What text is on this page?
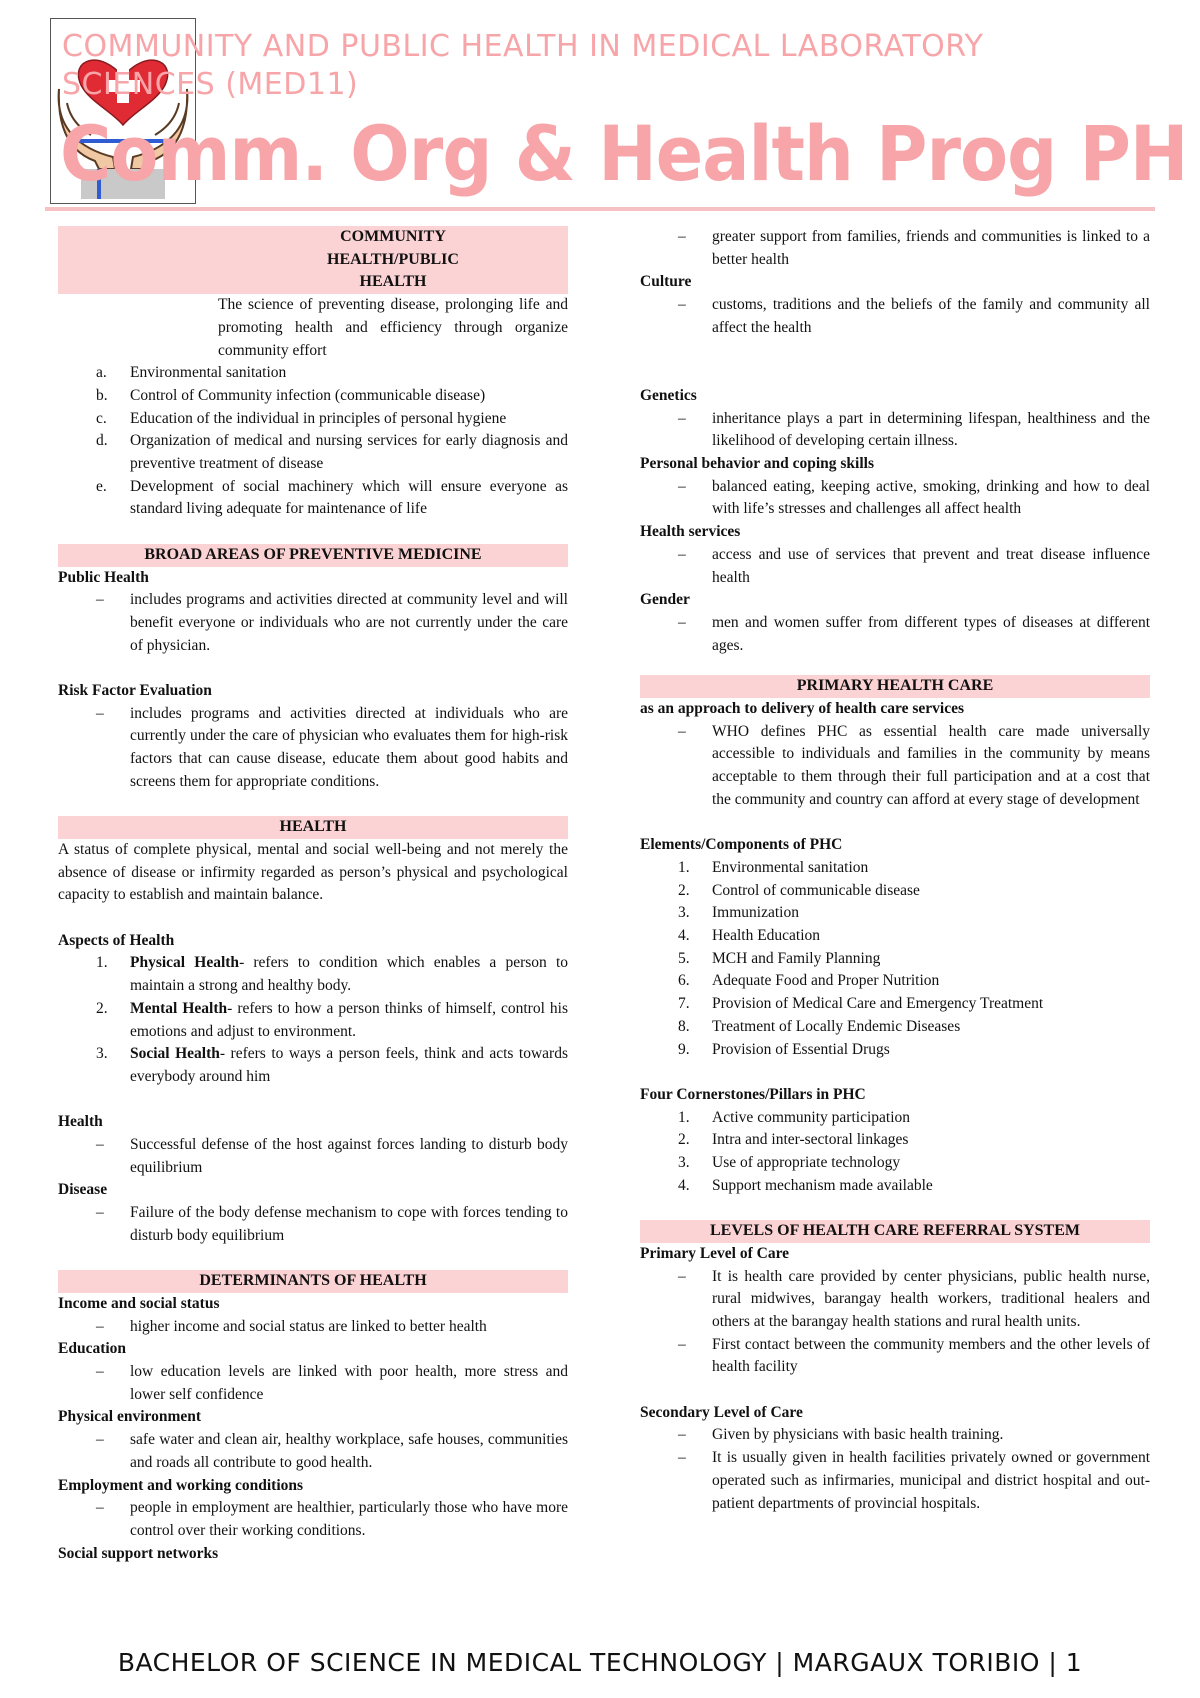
COMMUNITY AND PUBLIC HEALTH IN MEDICAL LABORATORY SCIENCES (MED11)
Comm. Org & Health Prog PH
COMMUNITY HEALTH/PUBLIC HEALTH

The science of preventing disease, prolonging life and promoting health and efficiency through organize community effort

a. Environmental sanitation
b. Control of Community infection (communicable disease)
c. Education of the individual in principles of personal hygiene
d. Organization of medical and nursing services for early diagnosis and preventive treatment of disease
e. Development of social machinery which will ensure everyone as standard living adequate for maintenance of life
BROAD AREAS OF PREVENTIVE MEDICINE

Public Health

– includes programs and activities directed at community level and will benefit everyone or individuals who are not currently under the care of physician.

Risk Factor Evaluation

– includes programs and activities directed at individuals who are currently under the care of physician who evaluates them for high-risk factors that can cause disease, educate them about good habits and screens them for appropriate conditions.
HEALTH

A status of complete physical, mental and social well-being and not merely the absence of disease or infirmity regarded as person’s physical and psychological capacity to establish and maintain balance.

Aspects of Health

1. Physical Health- refers to condition which enables a person to maintain a strong and healthy body.
2. Mental Health- refers to how a person thinks of himself, control his emotions and adjust to environment.
3. Social Health- refers to ways a person feels, think and acts towards everybody around him

Health

– Successful defense of the host against forces landing to disturb body equilibrium

Disease

– Failure of the body defense mechanism to cope with forces tending to disturb body equilibrium
DETERMINANTS OF HEALTH

Income and social status

– higher income and social status are linked to better health

Education

– low education levels are linked with poor health, more stress and lower self confidence

Physical environment

– safe water and clean air, healthy workplace, safe houses, communities and roads all contribute to good health.

Employment and working conditions

– people in employment are healthier, particularly those who have more control over their working conditions.

Social support networks

– greater support from families, friends and communities is linked to a better health

Culture

– customs, traditions and the beliefs of the family and community all affect the health

Genetics

– inheritance plays a part in determining lifespan, healthiness and the likelihood of developing certain illness.

Personal behavior and coping skills

– balanced eating, keeping active, smoking, drinking and how to deal with life’s stresses and challenges all affect health

Health services

– access and use of services that prevent and treat disease influence health

Gender

– men and women suffer from different types of diseases at different ages.
PRIMARY HEALTH CARE

as an approach to delivery of health care services

– WHO defines PHC as essential health care made universally accessible to individuals and families in the community by means acceptable to them through their full participation and at a cost that the community and country can afford at every stage of development

Elements/Components of PHC

1. Environmental sanitation
2. Control of communicable disease
3. Immunization
4. Health Education
5. MCH and Family Planning
6. Adequate Food and Proper Nutrition
7. Provision of Medical Care and Emergency Treatment
8. Treatment of Locally Endemic Diseases
9. Provision of Essential Drugs

Four Cornerstones/Pillars in PHC

1. Active community participation
2. Intra and inter-sectoral linkages
3. Use of appropriate technology
4. Support mechanism made available
LEVELS OF HEALTH CARE REFERRAL SYSTEM

Primary Level of Care

– It is health care provided by center physicians, public health nurse, rural midwives, barangay health workers, traditional healers and others at the barangay health stations and rural health units.
– First contact between the community members and the other levels of health facility

Secondary Level of Care

– Given by physicians with basic health training.
– It is usually given in health facilities privately owned or government operated such as infirmaries, municipal and district hospital and out-patient departments of provincial hospitals.
BACHELOR OF SCIENCE IN MEDICAL TECHNOLOGY | MARGAUX TORIBIO | 1
